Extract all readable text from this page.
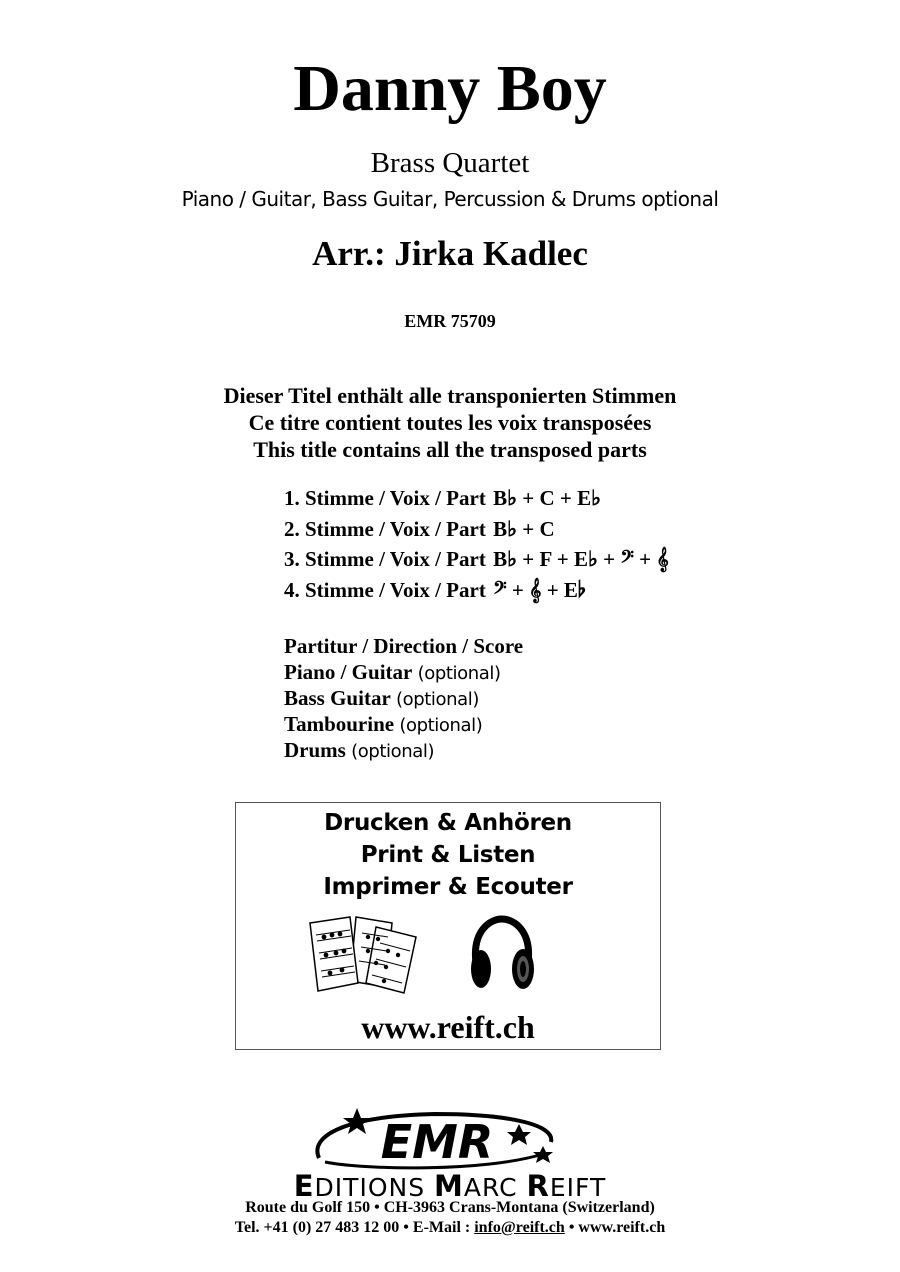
Danny Boy
Brass Quartet
Piano / Guitar, Bass Guitar, Percussion & Drums optional
Arr.: Jirka Kadlec
EMR 75709
Dieser Titel enthält alle transponierten Stimmen
Ce titre contient toutes les voix transposées
This title contains all the transposed parts
1. Stimme / Voix / Part B♭ + C + E♭
2. Stimme / Voix / Part B♭ + C
3. Stimme / Voix / Part B♭ + F + E♭ + 𝄢 + 𝄞
4. Stimme / Voix / Part 𝄢 + 𝄞 + E♭
Partitur / Direction / Score
Piano / Guitar (optional)
Bass Guitar (optional)
Tambourine (optional)
Drums (optional)
Drucken & Anhören
Print & Listen
Imprimer & Ecouter
www.reift.ch
EMR
EDITIONS MARC REIFT
Route du Golf 150 • CH-3963 Crans-Montana (Switzerland)
Tel. +41 (0) 27 483 12 00 • E-Mail : info@reift.ch • www.reift.ch
